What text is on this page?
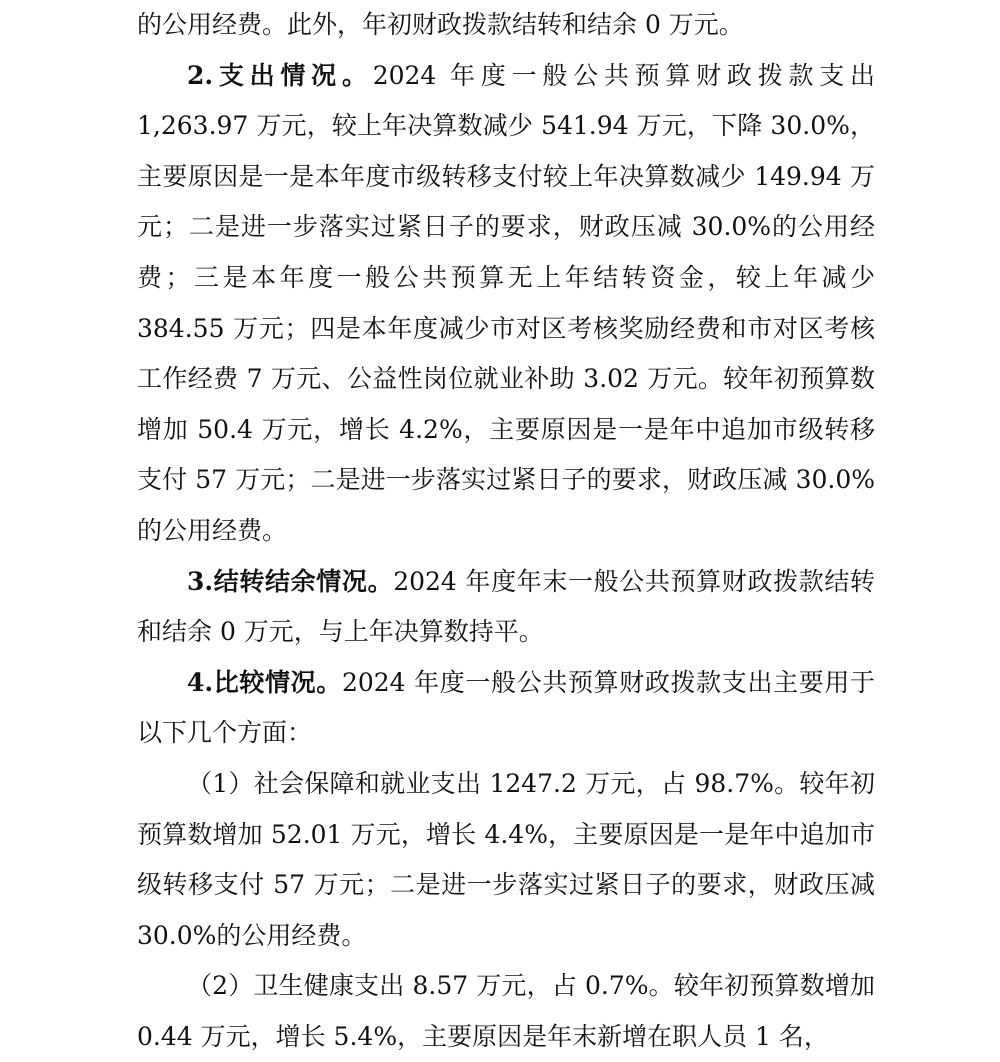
的公用经费。此外，年初财政拨款结转和结余 0 万元。

2.支出情况。2024 年度一般公共预算财政拨款支出 1,263.97 万元，较上年决算数减少 541.94 万元，下降 30.0%，主要原因是一是本年度市级转移支付较上年决算数减少 149.94 万元；二是进一步落实过紧日子的要求，财政压减 30.0%的公用经费；三是本年度一般公共预算无上年结转资金，较上年减少 384.55 万元；四是本年度减少市对区考核奖励经费和市对区考核工作经费 7 万元、公益性岗位就业补助 3.02 万元。较年初预算数增加 50.4 万元，增长 4.2%，主要原因是一是年中追加市级转移支付 57 万元；二是进一步落实过紧日子的要求，财政压减 30.0%的公用经费。

3.结转结余情况。2024 年度年末一般公共预算财政拨款结转和结余 0 万元，与上年决算数持平。

4.比较情况。2024 年度一般公共预算财政拨款支出主要用于以下几个方面：

（1）社会保障和就业支出 1247.2 万元，占 98.7%。较年初预算数增加 52.01 万元，增长 4.4%，主要原因是一是年中追加市级转移支付 57 万元；二是进一步落实过紧日子的要求，财政压减 30.0%的公用经费。

（2）卫生健康支出 8.57 万元，占 0.7%。较年初预算数增加 0.44 万元，增长 5.4%，主要原因是年末新增在职人员 1 名，
